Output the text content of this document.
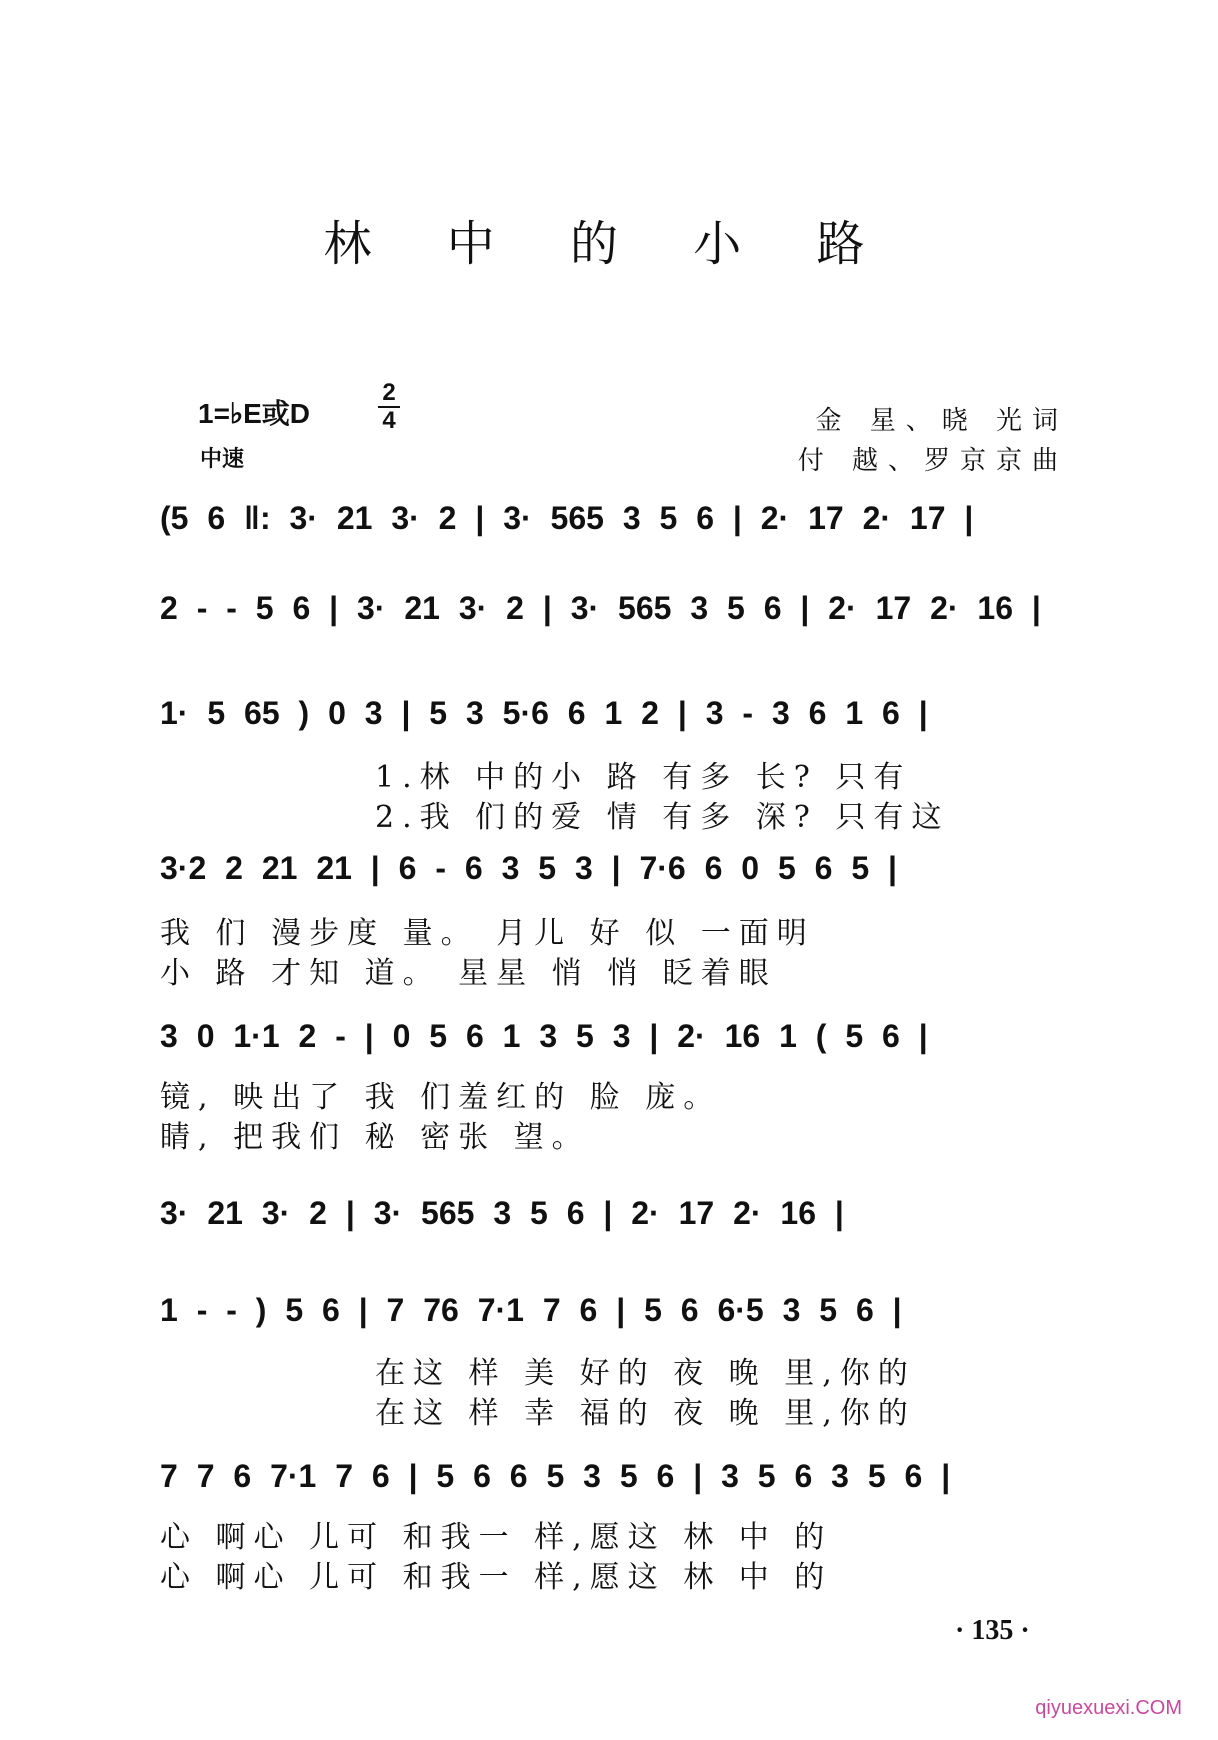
林 中 的 小 路
1=♭E或D
2
4
中速
金 星、晓 光词
付 越、罗京京曲
(5 6 ‖: 3· 21 3· 2 | 3· 565 3 5 6 | 2· 17 2· 17 |
2 - - 5 6 | 3· 21 3· 2 | 3· 565 3 5 6 | 2· 17 2· 16 |
1· 5 65 ) 0 3 | 5 3 5·6 6 1 2 | 3 - 3 6 1 6 |
1.林 中的小 路 有多 长? 只有
2.我 们的爱 情 有多 深? 只有这
3·2 2 21 21 | 6 - 6 3 5 3 | 7·6 6 0 5 6 5 |
我 们 漫步度 量。 月儿 好 似 一面明
小 路 才知 道。 星星 悄 悄 眨着眼
3 0 1·1 2 - | 0 5 6 1 3 5 3 | 2· 16 1 ( 5 6 |
镜, 映出了 我 们羞红的 脸 庞。
睛, 把我们 秘 密张 望。
3· 21 3· 2 | 3· 565 3 5 6 | 2· 17 2· 16 |
1 - - ) 5 6 | 7 76 7·1 7 6 | 5 6 6·5 3 5 6 |
在这 样 美 好的 夜 晚 里,你的
在这 样 幸 福的 夜 晚 里,你的
7 7 6 7·1 7 6 | 5 6 6 5 3 5 6 | 3 5 6 3 5 6 |
心 啊心 儿可 和我一 样,愿这 林 中 的
心 啊心 儿可 和我一 样,愿这 林 中 的
· 135 ·
qiyuexuexi.COM
